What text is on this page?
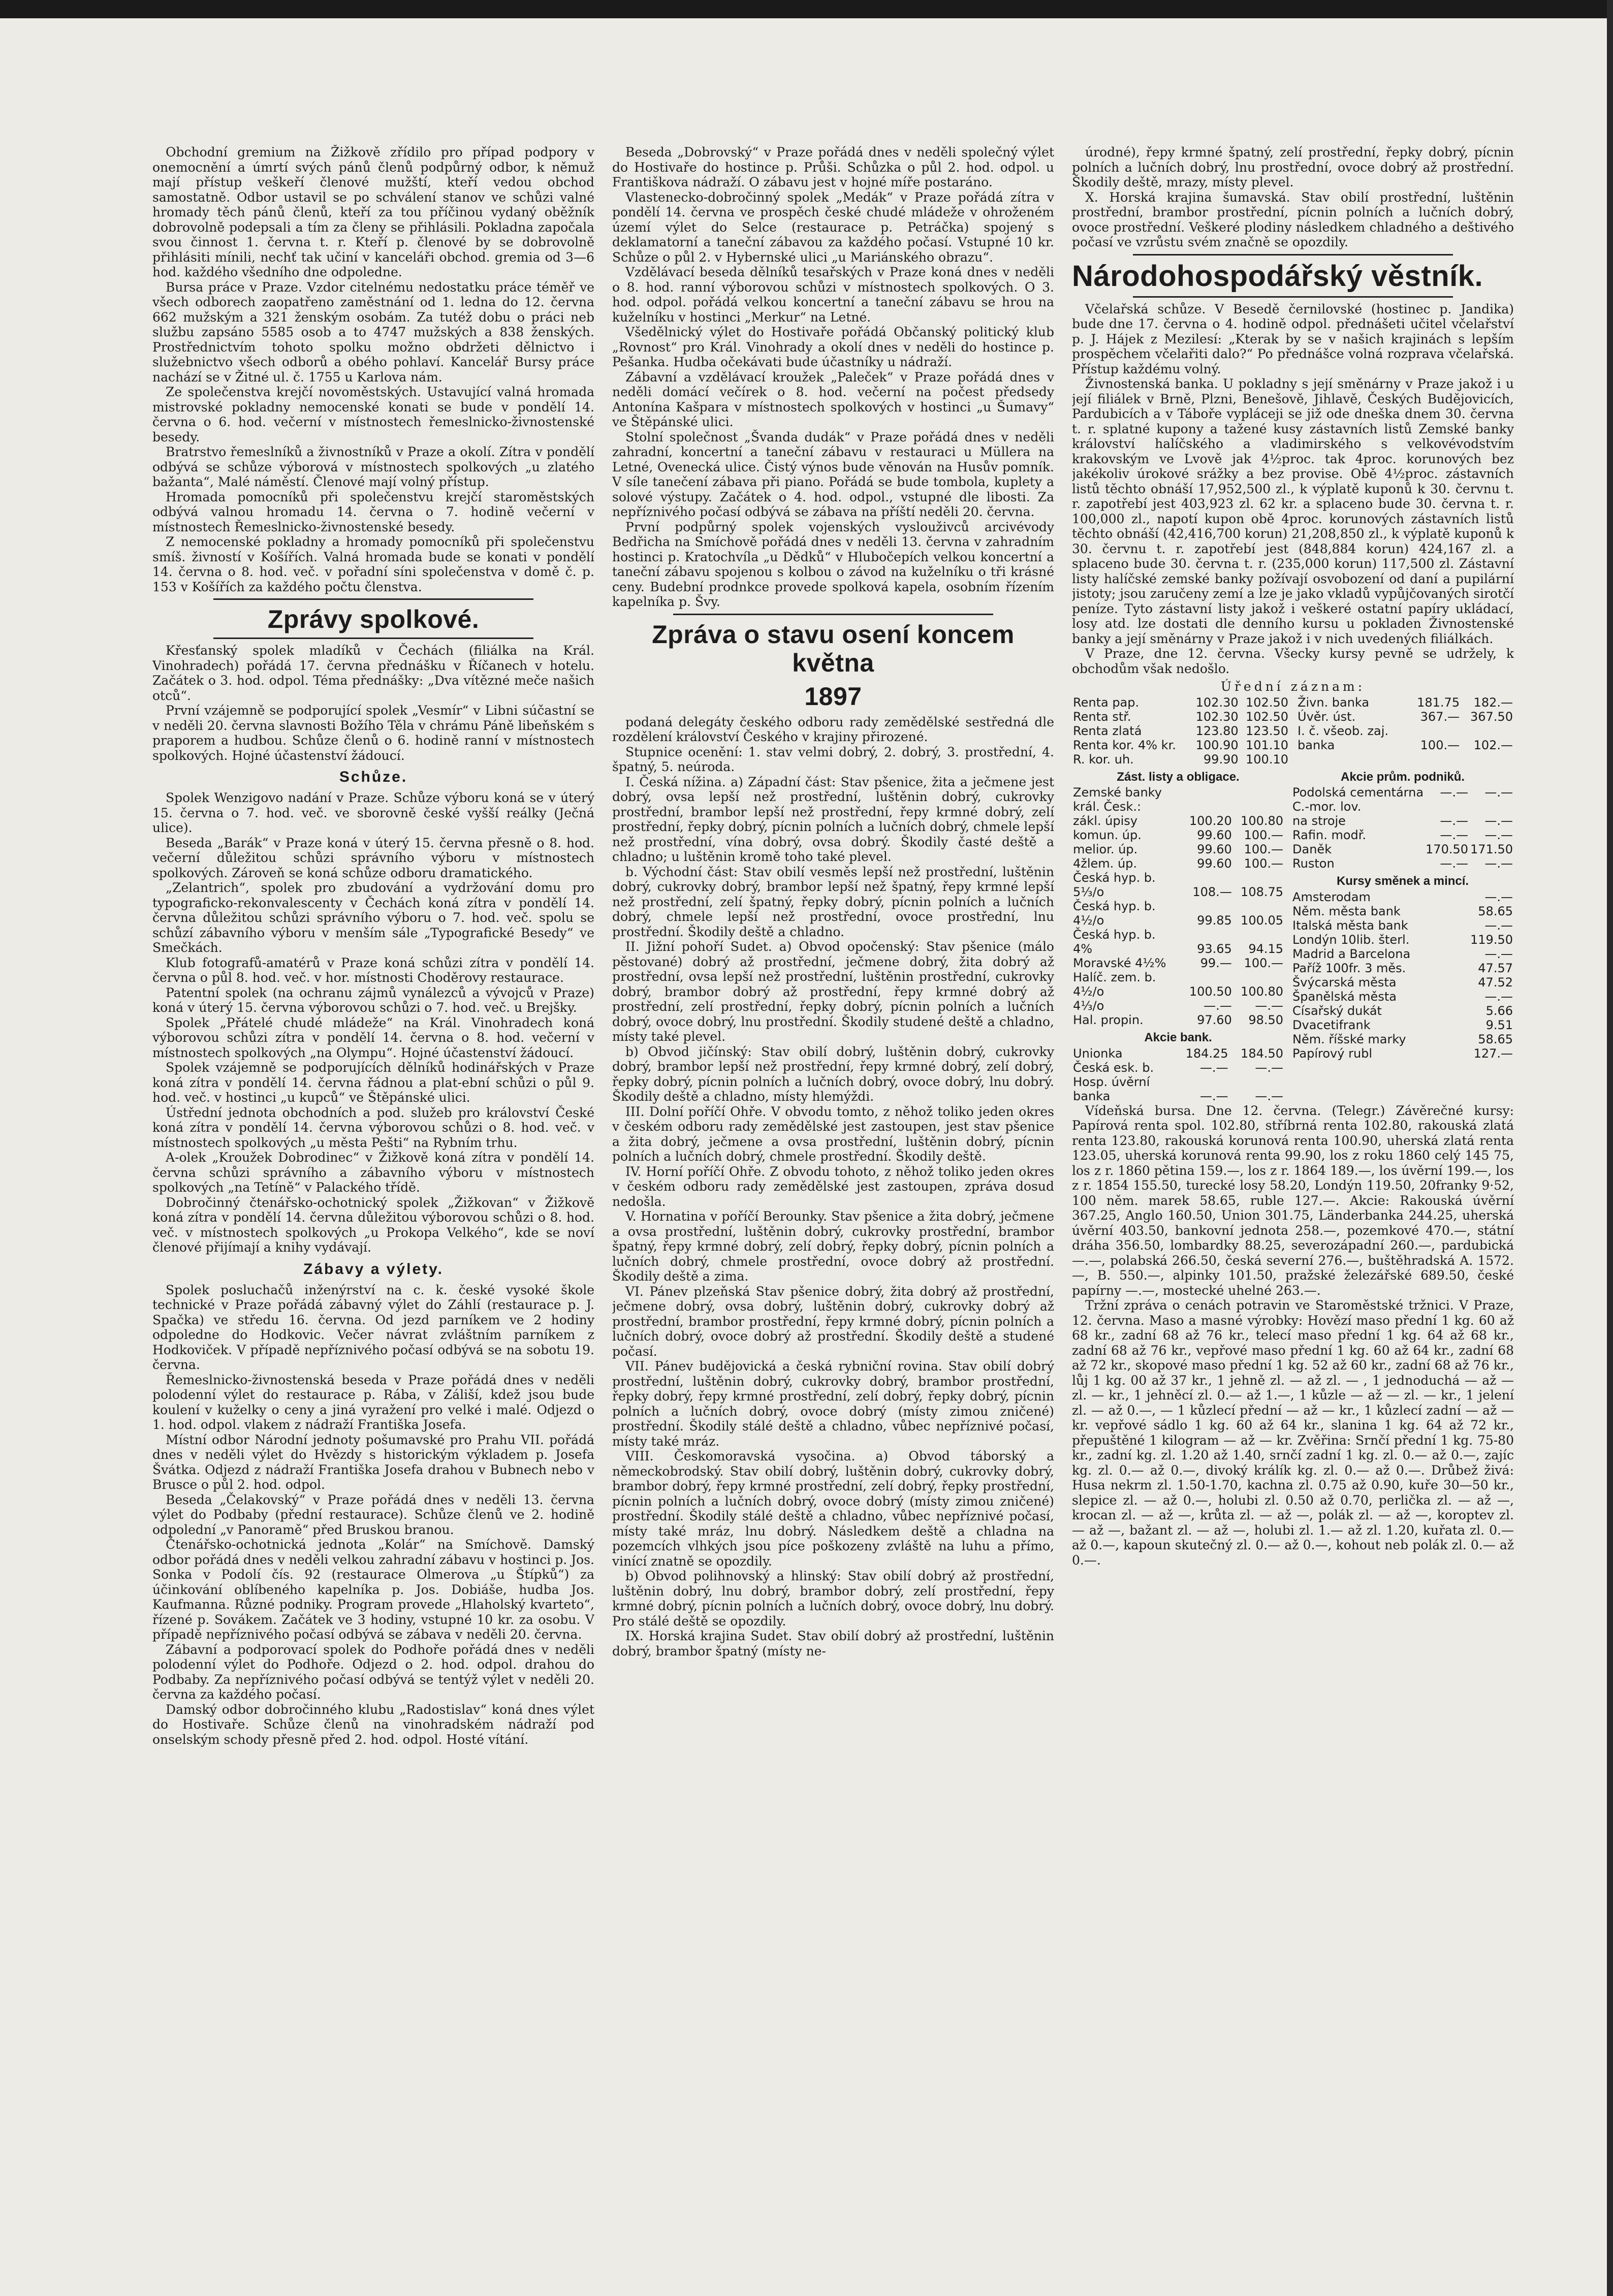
Obchodní gremium na Žižkově zřídilo pro případ podpory v onemocnění a úmrtí svých pánů členů podpůrný odbor, k němuž mají přístup veškeří členové mužští, kteří vedou obchod samostatně. Odbor ustavil se po schválení stanov ve schůzi valné hromady těch pánů členů, kteří za tou příčinou vydaný oběžník dobrovolně podepsali a tím za členy se přihlásili. Pokladna započala svou činnost 1. června t. r. Kteří p. členové by se dobrovolně přihlásiti mínili, nechť tak učiní v kanceláři obchod. gremia od 3—6 hod. každého všedního dne odpoledne.

Bursa práce v Praze. Vzdor citelnému nedostatku práce téměř ve všech odborech zaopatřeno zaměstnání od 1. ledna do 12. června 662 mužským a 321 ženským osobám. Za tutéž dobu o práci neb službu zapsáno 5585 osob a to 4747 mužských a 838 ženských. Prostřednictvím tohoto spolku možno obdržeti dělnictvo i služebnictvo všech odborů a obého pohlaví. Kancelář Bursy práce nachází se v Žitné ul. č. 1755 u Karlova nám.

Ze společenstva krejčí novoměstských. Ustavující valná hromada mistrovské pokladny nemocenské konati se bude v pondělí 14. června o 6. hod. večerní v místnostech řemeslnicko-živnostenské besedy.

Bratrstvo řemeslníků a živnostníků v Praze a okolí. Zítra v pondělí odbývá se schůze výborová v místnostech spolkových „u zlatého bažanta“, Malé náměstí. Členové mají volný přístup.

Hromada pomocníků při společenstvu krejčí staroměstských odbývá valnou hromadu 14. června o 7. hodině večerní v místnostech Řemeslnicko-živnostenské besedy.

Z nemocenské pokladny a hromady pomocníků při společenstvu smíš. živností v Košířích. Valná hromada bude se konati v pondělí 14. června o 8. hod. več. v pořadní síni společenstva v domě č. p. 153 v Košířích za každého počtu členstva.

Zprávy spolkové.

Křesťanský spolek mladíků v Čechách (filiálka na Král. Vinohradech) pořádá 17. června přednášku v Říčanech v hotelu. Začátek o 3. hod. odpol. Téma přednášky: „Dva vítězné meče našich otců“.

První vzájemně se podporující spolek „Vesmír“ v Libni súčastní se v neděli 20. června slavnosti Božího Těla v chrámu Páně libeňském s praporem a hudbou. Schůze členů o 6. hodině ranní v místnostech spolkových. Hojné účastenství žádoucí.

Schůze.

Spolek Wenzigovo nadání v Praze. Schůze výboru koná se v úterý 15. června o 7. hod. več. ve sborovně české vyšší reálky (Ječná ulice).

Beseda „Barák“ v Praze koná v úterý 15. června přesně o 8. hod. večerní důležitou schůzi správního výboru v místnostech spolkových. Zároveň se koná schůze odboru dramatického.

„Zelantrich“, spolek pro zbudování a vydržování domu pro typograficko-rekonvalescenty v Čechách koná zítra v pondělí 14. června důležitou schůzi správního výboru o 7. hod. več. spolu se schůzí zábavního výboru v menším sále „Typografické Besedy“ ve Smečkách.

Klub fotografů-amatérů v Praze koná schůzi zítra v pondělí 14. června o půl 8. hod. več. v hor. místnosti Choděrovy restaurace.

Patentní spolek (na ochranu zájmů vynálezců a vývojců v Praze) koná v úterý 15. června výborovou schůzi o 7. hod. več. u Brejšky.

Spolek „Přátelé chudé mládeže“ na Král. Vinohradech koná výborovou schůzi zítra v pondělí 14. června o 8. hod. večerní v místnostech spolkových „na Olympu“. Hojné účastenství žádoucí.

Spolek vzájemně se podporujících dělníků hodinářských v Praze koná zítra v pondělí 14. června řádnou a plat-ební schůzi o půl 9. hod. več. v hostinci „u kupců“ ve Štěpánské ulici.

Ústřední jednota obchodních a pod. služeb pro království České koná zítra v pondělí 14. června výborovou schůzi o 8. hod. več. v místnostech spolkových „u města Pešti“ na Rybním trhu.

A-olek „Kroužek Dobrodinec“ v Žižkově koná zítra v pondělí 14. června schůzi správního a zábavního výboru v místnostech spolkových „na Tetíně“ v Palackého třídě.

Dobročinný čtenářsko-ochotnický spolek „Žižkovan“ v Žižkově koná zítra v pondělí 14. června důležitou výborovou schůzi o 8. hod. več. v místnostech spolkových „u Prokopa Velkého“, kde se noví členové přijímají a knihy vydávají.

Zábavy a výlety.

Spolek posluchačů inženýrství na c. k. české vysoké škole technické v Praze pořádá zábavný výlet do Záhlí (restaurace p. J. Spačka) ve středu 16. června. Od jezd parníkem ve 2 hodiny odpoledne do Hodkovic. Večer návrat zvláštním parníkem z Hodkoviček. V případě nepříznivého počasí odbývá se na sobotu 19. června.

Řemeslnicko-živnostenská beseda v Praze pořádá dnes v neděli polodenní výlet do restaurace p. Rába, v Záliší, kdež jsou bude koulení v kuželky o ceny a jiná vyražení pro velké i malé. Odjezd o 1. hod. odpol. vlakem z nádraží Františka Josefa.

Místní odbor Národní jednoty pošumavské pro Prahu VII. pořádá dnes v neděli výlet do Hvězdy s historickým výkladem p. Josefa Švátka. Odjezd z nádraží Františka Josefa drahou v Bubnech nebo v Brusce o půl 2. hod. odpol.

Beseda „Čelakovský“ v Praze pořádá dnes v neděli 13. června výlet do Podbaby (přední restaurace). Schůze členů ve 2. hodině odpolední „v Panoramě“ před Bruskou branou.

Čtenářsko-ochotnická jednota „Kolár“ na Smíchově. Damský odbor pořádá dnes v neděli velkou zahradní zábavu v hostinci p. Jos. Sonka v Podolí čís. 92 (restaurace Olmerova „u Štípků“) za účinkování oblíbeného kapelníka p. Jos. Dobiáše, hudba Jos. Kaufmanna. Různé podniky. Program provede „Hlaholský kvarteto“, řízené p. Sovákem. Začátek ve 3 hodiny, vstupné 10 kr. za osobu. V případě nepříznivého počasí odbývá se zábava v neděli 20. června.

Zábavní a podporovací spolek do Podhoře pořádá dnes v neděli polodenní výlet do Podhoře. Odjezd o 2. hod. odpol. drahou do Podbaby. Za nepříznivého počasí odbývá se tentýž výlet v neděli 20. června za každého počasí.

Damský odbor dobročinného klubu „Radostislav“ koná dnes výlet do Hostivaře. Schůze členů na vinohradském nádraží pod onselským schody přesně před 2. hod. odpol. Hosté vítání.

Beseda „Dobrovský“ v Praze pořádá dnes v neděli společný výlet do Hostivaře do hostince p. Průši. Schůzka o půl 2. hod. odpol. u Františkova nádraží. O zábavu jest v hojné míře postaráno.

Vlastenecko-dobročinný spolek „Medák“ v Praze pořádá zítra v pondělí 14. června ve prospěch české chudé mládeže v ohroženém území výlet do Selce (restaurace p. Petráčka) spojený s deklamatorní a taneční zábavou za každého počasí. Vstupné 10 kr. Schůze o půl 2. v Hybernské ulici „u Mariánského obrazu“.

Vzdělávací beseda dělníků tesařských v Praze koná dnes v neděli o 8. hod. ranní výborovou schůzi v místnostech spolkových. O 3. hod. odpol. pořádá velkou koncertní a taneční zábavu se hrou na kuželníku v hostinci „Merkur“ na Letné.

Všedělnický výlet do Hostivaře pořádá Občanský politický klub „Rovnost“ pro Král. Vinohrady a okolí dnes v neděli do hostince p. Pešanka. Hudba očekávati bude účastníky u nádraží.

Zábavní a vzdělávací kroužek „Paleček“ v Praze pořádá dnes v neděli domácí večírek o 8. hod. večerní na počest předsedy Antonína Kašpara v místnostech spolkových v hostinci „u Šumavy“ ve Štěpánské ulici.

Stolní společnost „Švanda dudák“ v Praze pořádá dnes v neděli zahradní, koncertní a taneční zábavu v restauraci u Müllera na Letné, Ovenecká ulice. Čistý výnos bude věnován na Husův pomník. V síle tanečení zábava při piano. Pořádá se bude tombola, kuplety a solové výstupy. Začátek o 4. hod. odpol., vstupné dle libosti. Za nepříznivého počasí odbývá se zábava na příští neděli 20. června.

První podpůrný spolek vojenských vyslouživců arcivévody Bedřicha na Smíchově pořádá dnes v neděli 13. června v zahradním hostinci p. Kratochvíla „u Dědků“ v Hlubočepích velkou koncertní a taneční zábavu spojenou s kolbou o závod na kuželníku o tři krásné ceny. Budební prodnkce provede spolková kapela, osobním řízením kapelníka p. Švy.

Zpráva o stavu osení koncem května
1897

podaná delegáty českého odboru rady zemědělské sestředná dle rozdělení království Českého v krajiny přirozené.

Stupnice ocenění: 1. stav velmi dobrý, 2. dobrý, 3. prostřední, 4. špatný, 5. neúroda.

I. Česká nížina. a) Západní část: Stav pšenice, žita a ječmene jest dobrý, ovsa lepší než prostřední, luštěnin dobrý, cukrovky prostřední, brambor lepší než prostřední, řepy krmné dobrý, zelí prostřední, řepky dobrý, pícnin polních a lučních dobrý, chmele lepší než prostřední, vína dobrý, ovsa dobrý. Škodily časté deště a chladno; u luštěnin kromě toho také plevel.

b. Východní část: Stav obilí vesměs lepší než prostřední, luštěnin dobrý, cukrovky dobrý, brambor lepší než špatný, řepy krmné lepší než prostřední, zelí špatný, řepky dobrý, pícnin polních a lučních dobrý, chmele lepší než prostřední, ovoce prostřední, lnu prostřední. Škodily deště a chladno.

II. Jižní pohoří Sudet. a) Obvod opočenský: Stav pšenice (málo pěstované) dobrý až prostřední, ječmene dobrý, žita dobrý až prostřední, ovsa lepší než prostřední, luštěnin prostřední, cukrovky dobrý, brambor dobrý až prostřední, řepy krmné dobrý až prostřední, zelí prostřední, řepky dobrý, pícnin polních a lučních dobrý, ovoce dobrý, lnu prostřední. Škodily studené deště a chladno, místy také plevel.

b) Obvod jičínský: Stav obilí dobrý, luštěnin dobrý, cukrovky dobrý, brambor lepší než prostřední, řepy krmné dobrý, zelí dobrý, řepky dobrý, pícnin polních a lučních dobrý, ovoce dobrý, lnu dobrý. Škodily deště a chladno, místy hlemýždi.

III. Dolní poříčí Ohře. V obvodu tomto, z něhož toliko jeden okres v českém odboru rady zemědělské jest zastoupen, jest stav pšenice a žita dobrý, ječmene a ovsa prostřední, luštěnin dobrý, pícnin polních a lučních dobrý, chmele prostřední. Škodily deště.

IV. Horní poříčí Ohře. Z obvodu tohoto, z něhož toliko jeden okres v českém odboru rady zemědělské jest zastoupen, zpráva dosud nedošla.

V. Hornatina v poříčí Berounky. Stav pšenice a žita dobrý, ječmene a ovsa prostřední, luštěnin dobrý, cukrovky prostřední, brambor špatný, řepy krmné dobrý, zelí dobrý, řepky dobrý, pícnin polních a lučních dobrý, chmele prostřední, ovoce dobrý až prostřední. Škodily deště a zima.

VI. Pánev plzeňská Stav pšenice dobrý, žita dobrý až prostřední, ječmene dobrý, ovsa dobrý, luštěnin dobrý, cukrovky dobrý až prostřední, brambor prostřední, řepy krmné dobrý, pícnin polních a lučních dobrý, ovoce dobrý až prostřední. Škodily deště a studené počasí.

VII. Pánev budějovická a česká rybniční rovina. Stav obilí dobrý prostřední, luštěnin dobrý, cukrovky dobrý, brambor prostřední, řepky dobrý, řepy krmné prostřední, zelí dobrý, řepky dobrý, pícnin polních a lučních dobrý, ovoce dobrý (místy zimou zničené) prostřední. Škodily stálé deště a chladno, vůbec nepříznivé počasí, místy také mráz.

VIII. Českomoravská vysočina. a) Obvod táborský a německobrodský. Stav obilí dobrý, luštěnin dobrý, cukrovky dobrý, brambor dobrý, řepy krmné prostřední, zelí dobrý, řepky prostřední, pícnin polních a lučních dobrý, ovoce dobrý (místy zimou zničené) prostřední. Škodily stálé deště a chladno, vůbec nepříznivé počasí, místy také mráz, lnu dobrý. Následkem deště a chladna na pozemcích vlhkých jsou píce poškozeny zvláště na luhu a přímo, vinící znatně se opozdily.

b) Obvod polihnovský a hlinský: Stav obilí dobrý až prostřední, luštěnin dobrý, lnu dobrý, brambor dobrý, zelí prostřední, řepy krmné dobrý, pícnin polních a lučních dobrý, ovoce dobrý, lnu dobrý. Pro stálé deště se opozdily.

IX. Horská krajina Sudet. Stav obilí dobrý až prostřední, luštěnin dobrý, brambor špatný (místy ne-

úrodné), řepy krmné špatný, zelí prostřední, řepky dobrý, pícnin polních a lučních dobrý, lnu prostřední, ovoce dobrý až prostřední. Škodily deště, mrazy, místy plevel.

X. Horská krajina šumavská. Stav obilí prostřední, luštěnin prostřední, brambor prostřední, pícnin polních a lučních dobrý, ovoce prostřední. Veškeré plodiny následkem chladného a deštivého počasí ve vzrůstu svém značně se opozdily.

Národohospodářský věstník.

Včelařská schůze. V Besedě černilovské (hostinec p. Jandika) bude dne 17. června o 4. hodině odpol. přednášeti učitel včelařství p. J. Hájek z Mezilesí: „Kterak by se v našich krajinách s lepším prospěchem včelařiti dalo?“ Po přednášce volná rozprava včelařská. Přístup každému volný.

Živnostenská banka. U pokladny s její směnárny v Praze jakož i u její filiálek v Brně, Plzni, Benešově, Jihlavě, Českých Budějovicích, Pardubicích a v Táboře vypláceji se již ode dneška dnem 30. června t. r. splatné kupony a tažené kusy zástavních listů Zemské banky království halíčského a vladimirského s velkovévodstvím krakovským ve Lvově jak 4½proc. tak 4proc. korunových bez jakékoliv úrokové srážky a bez provise. Obě 4½proc. zástavních listů těchto obnáší 17,952,500 zl., k výplatě kuponů k 30. červnu t. r. zapotřebí jest 403,923 zl. 62 kr. a splaceno bude 30. června t. r. 100,000 zl., napotí kupon obě 4proc. korunových zástavních listů těchto obnáší (42,416,700 korun) 21,208,850 zl., k výplatě kuponů k 30. červnu t. r. zapotřebí jest (848,884 korun) 424,167 zl. a splaceno bude 30. června t. r. (235,000 korun) 117,500 zl. Zástavní listy halíčské zemské banky požívají osvobození od daní a pupilární jistoty; jsou zaručeny zemí a lze je jako vkladů vypůjčovaných sirotčí peníze. Tyto zástavní listy jakož i veškeré ostatní papíry ukládací, losy atd. lze dostati dle denního kursu u pokladen Živnostenské banky a její směnárny v Praze jakož i v nich uvedených filiálkách.

V Praze, dne 12. června. Všecky kursy pevně se udržely, k obchodům však nedošlo.

Úřední záznam:
Renta pap.	102.30	102.50
Renta stř.	102.30	102.50
Renta zlatá	123.80	123.50
Renta kor. 4% kr.	100.90	101.10
R. kor. uh.	99.90	100.10
Živn. banka	181.75	182.—
Úvěr. úst.	367.—	367.50
I. č. všeob. zaj.		
banka	100.—	102.—
Zást. listy a obligace.
Zemské banky		
král. Česk.:		
zákl. úpisy	100.20	100.80
komun. úp.	99.60	100.—
melior. úp.	99.60	100.—
4žlem. úp.	99.60	100.—
Česká hyp. b.		
5⅓/o	108.—	108.75
Česká hyp. b.		
4½/o	99.85	100.05
Česká hyp. b.		
4%	93.65	94.15
Moravské 4½%	99.—	100.—
Halíč. zem. b.		
4½/o	100.50	100.80
4⅓/o	—.—	—.—
Hal. propin.	97.60	98.50
Akcie bank.
Unionka	184.25	184.50
Česká esk. b.	—.—	—.—
Hosp. úvěrní		
banka	—.—	—.—
Akcie prům. podniků.
Podolská cementárna	—.—	—.—
C.-mor. lov.		
na stroje	—.—	—.—
Rafin. modř.	—.—	—.—
Daněk	170.50	171.50
Ruston	—.—	—.—
Kursy směnek a mincí.
Amsterodam	—.—
Něm. města bank	58.65
Italská města bank	—.—
Londýn 10lib. šterl.	119.50
Madrid a Barcelona	—.—
Paříž 100fr. 3 měs.	47.57
Švýcarská města	47.52
Španělská města	—.—
Císařský dukát	5.66
Dvacetifrank	9.51
Něm. říšské marky	58.65
Papírový rubl	127.—

Vídeňská bursa. Dne 12. června. (Telegr.) Závěrečné kursy: Papírová renta spol. 102.80, stříbrná renta 102.80, rakouská zlatá renta 123.80, rakouská korunová renta 100.90, uherská zlatá renta 123.05, uherská korunová renta 99.90, los z roku 1860 celý 145 75, los z r. 1860 pětina 159.—, los z r. 1864 189.—, los úvěrní 199.—, los z r. 1854 155.50, turecké losy 58.20, Londýn 119.50, 20franky 9·52, 100 něm. marek 58.65, ruble 127.—. Akcie: Rakouská úvěrní 367.25, Anglo 160.50, Union 301.75, Länderbanka 244.25, uherská úvěrní 403.50, bankovní jednota 258.—, pozemkové 470.—, státní dráha 356.50, lombardky 88.25, severozápadní 260.—, pardubická —.—, polabská 266.50, česká severní 276.—, buštěhradská A. 1572.—, B. 550.—, alpinky 101.50, pražské železářské 689.50, české papírny —.—, mostecké uhelné 263.—.

Tržní zpráva o cenách potravin ve Staroměstské tržnici. V Praze, 12. června. Maso a masné výrobky: Hovězí maso přední 1 kg. 60 až 68 kr., zadní 68 až 76 kr., telecí maso přední 1 kg. 64 až 68 kr., zadní 68 až 76 kr., vepřové maso přední 1 kg. 60 až 64 kr., zadní 68 až 72 kr., skopové maso přední 1 kg. 52 až 60 kr., zadní 68 až 76 kr., lůj 1 kg. 00 až 37 kr., 1 jehně zl. — až zl. — , 1 jednoduchá — až — zl. — kr., 1 jehněcí zl. 0.— až 1.—, 1 kůzle — až — zl. — kr., 1 jelení zl. — až 0.—, — 1 kůzlecí přední — až — kr., 1 kůzlecí zadní — až — kr. vepřové sádlo 1 kg. 60 až 64 kr., slanina 1 kg. 64 až 72 kr., přepuštěné 1 kilogram — až — kr. Zvěřina: Srnčí přední 1 kg. 75-80 kr., zadní kg. zl. 1.20 až 1.40, srnčí zadní 1 kg. zl. 0.— až 0.—, zajíc kg. zl. 0.— až 0.—, divoký králík kg. zl. 0.— až 0.—. Drůbež živá: Husa nekrm zl. 1.50-1.70, kachna zl. 0.75 až 0.90, kuře 30—50 kr., slepice zl. — až 0.—, holubi zl. 0.50 až 0.70, perlička zl. — až —, krocan zl. — až —, krůta zl. — až —, polák zl. — až —, koroptev zl. — až —, bažant zl. — až —, holubi zl. 1.— až zl. 1.20, kuřata zl. 0.— až 0.—, kapoun skutečný zl. 0.— až 0.—, kohout neb polák zl. 0.— až 0.—.
